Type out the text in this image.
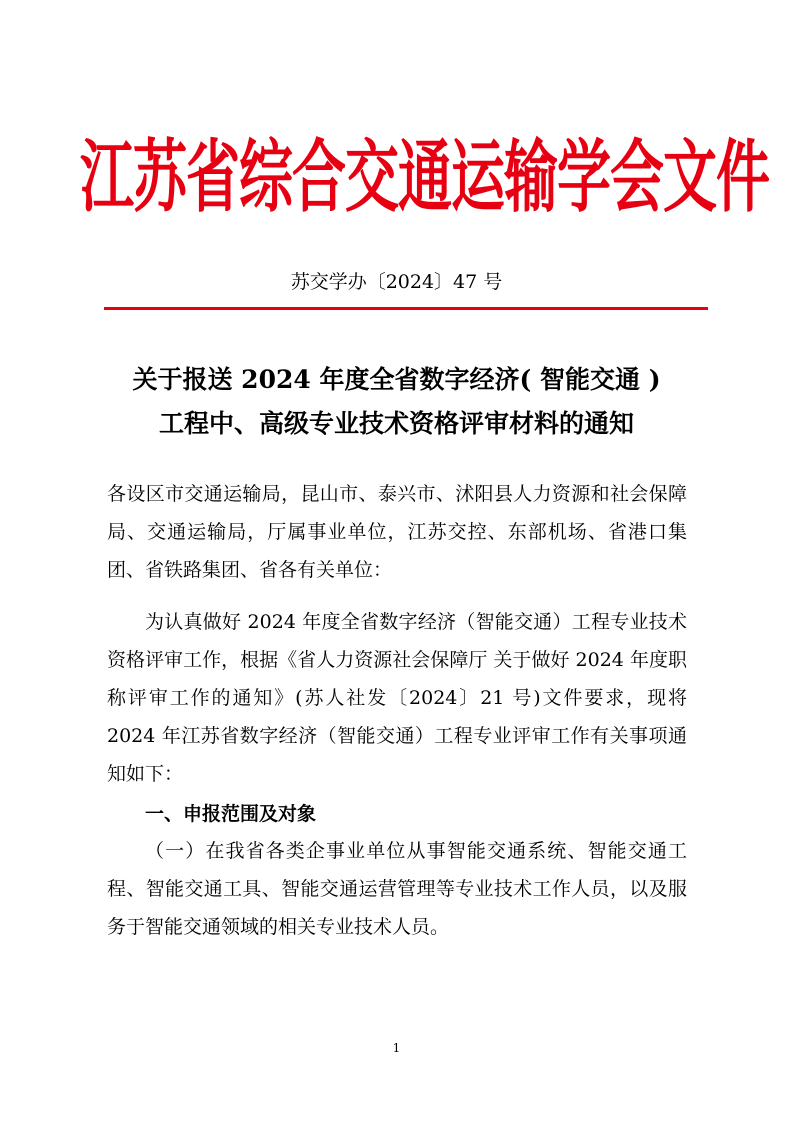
江苏省综合交通运输学会文件
苏交学办〔2024〕47 号
关于报送 2024 年度全省数字经济( 智能交通 )
工程中、高级专业技术资格评审材料的通知
各设区市交通运输局，昆山市、泰兴市、沭阳县人力资源和社会保障局、交通运输局，厅属事业单位，江苏交控、东部机场、省港口集团、省铁路集团、省各有关单位：
为认真做好 2024 年度全省数字经济（智能交通）工程专业技术资格评审工作，根据《省人力资源社会保障厅 关于做好 2024 年度职称评审工作的通知》(苏人社发〔2024〕21 号)文件要求，现将 2024 年江苏省数字经济（智能交通）工程专业评审工作有关事项通知如下：
一、申报范围及对象
（一）在我省各类企事业单位从事智能交通系统、智能交通工程、智能交通工具、智能交通运营管理等专业技术工作人员，以及服务于智能交通领域的相关专业技术人员。
1
